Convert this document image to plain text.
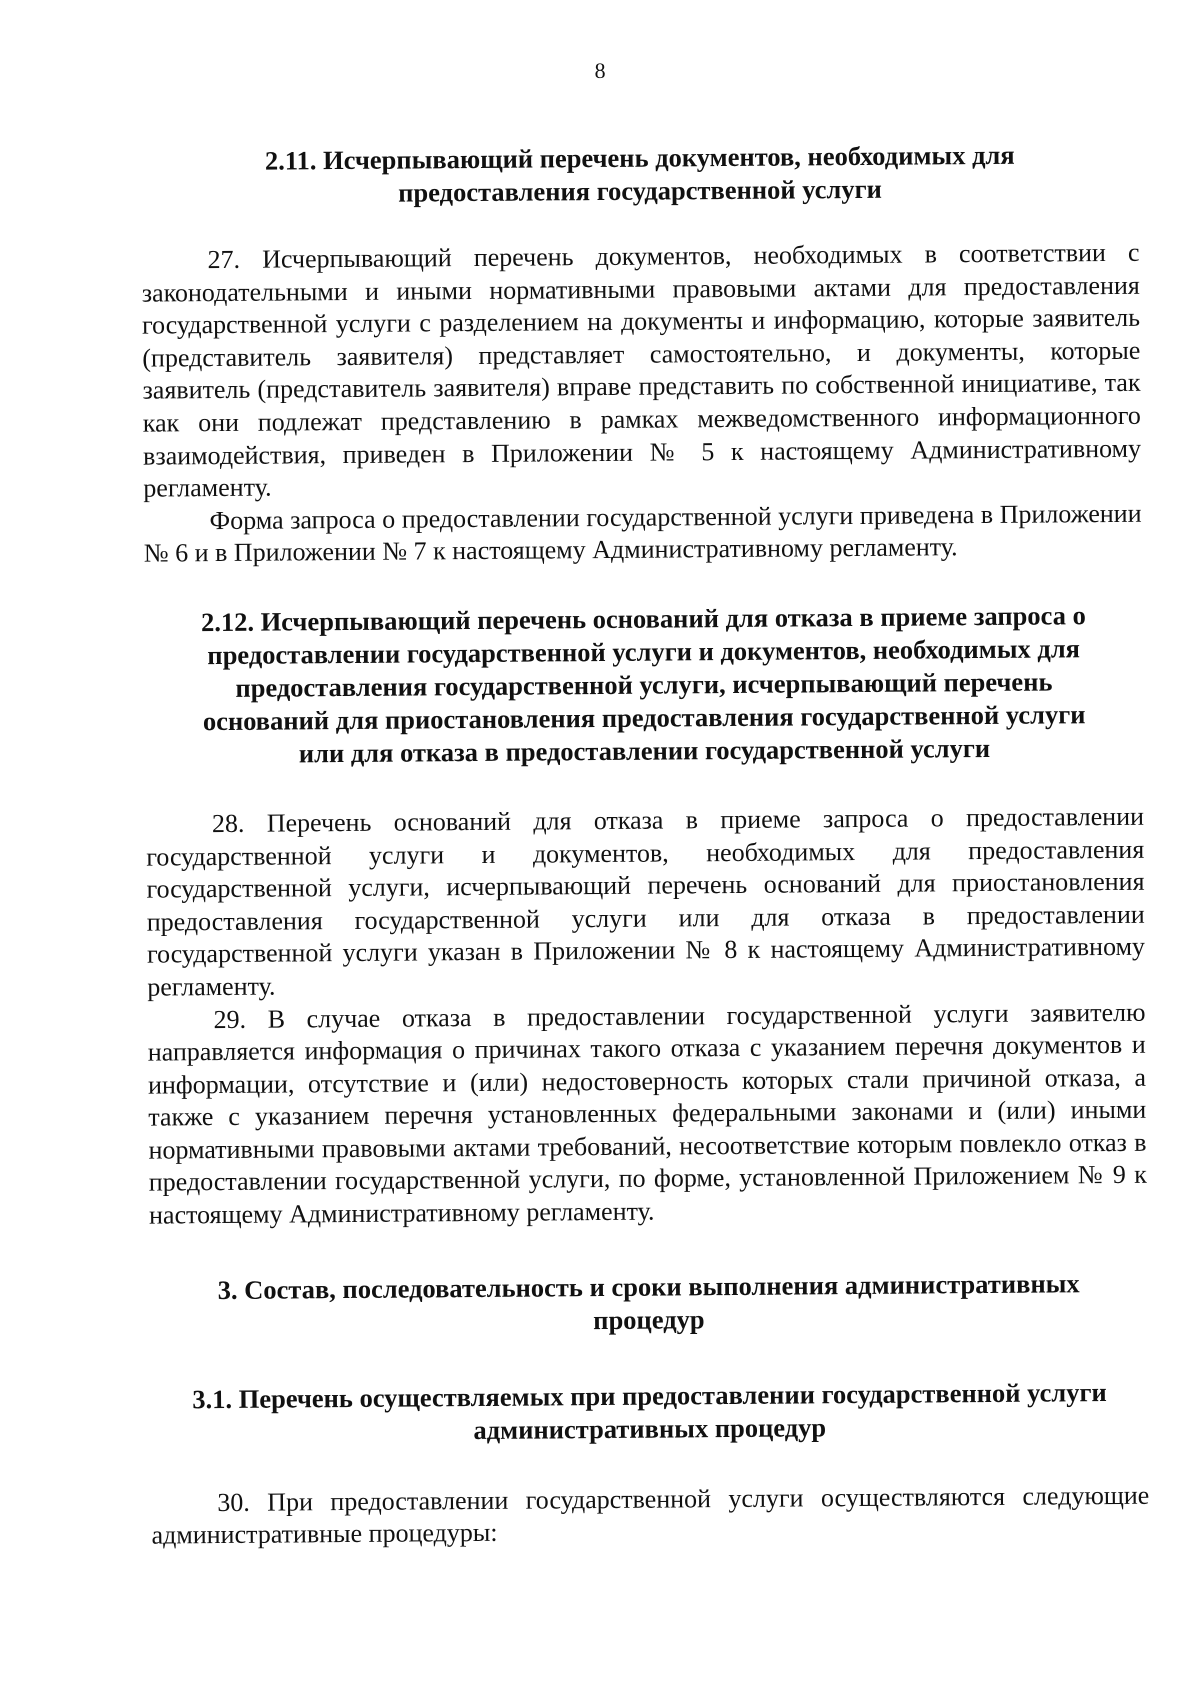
8
2.11. Исчерпывающий перечень документов, необходимых для
предоставления государственной услуги

27. Исчерпывающий перечень документов, необходимых в соответствии с законодательными и иными нормативными правовыми актами для предоставления государственной услуги с разделением на документы и информацию, которые заявитель (представитель заявителя) представляет самостоятельно, и документы, которые заявитель (представитель заявителя) вправе представить по собственной инициативе, так как они подлежат представлению в рамках межведомственного информационного взаимодействия, приведен в Приложении № 5 к настоящему Административному регламенту.

Форма запроса о предоставлении государственной услуги приведена в Приложении № 6 и в Приложении № 7 к настоящему Административному регламенту.

2.12. Исчерпывающий перечень оснований для отказа в приеме запроса о
предоставлении государственной услуги и документов, необходимых для
предоставления государственной услуги, исчерпывающий перечень
оснований для приостановления предоставления государственной услуги
или для отказа в предоставлении государственной услуги

28. Перечень оснований для отказа в приеме запроса о предоставлении государственной услуги и документов, необходимых для предоставления государственной услуги, исчерпывающий перечень оснований для приостановления предоставления государственной услуги или для отказа в предоставлении государственной услуги указан в Приложении № 8 к настоящему Административному регламенту.

29. В случае отказа в предоставлении государственной услуги заявителю направляется информация о причинах такого отказа с указанием перечня документов и информации, отсутствие и (или) недостоверность которых стали причиной отказа, а также с указанием перечня установленных федеральными законами и (или) иными нормативными правовыми актами требований, несоответствие которым повлекло отказ в предоставлении государственной услуги, по форме, установленной Приложением № 9 к настоящему Административному регламенту.

3. Состав, последовательность и сроки выполнения административных
процедур
3.1. Перечень осуществляемых при предоставлении государственной услуги
административных процедур

30. При предоставлении государственной услуги осуществляются следующие административные процедуры:
